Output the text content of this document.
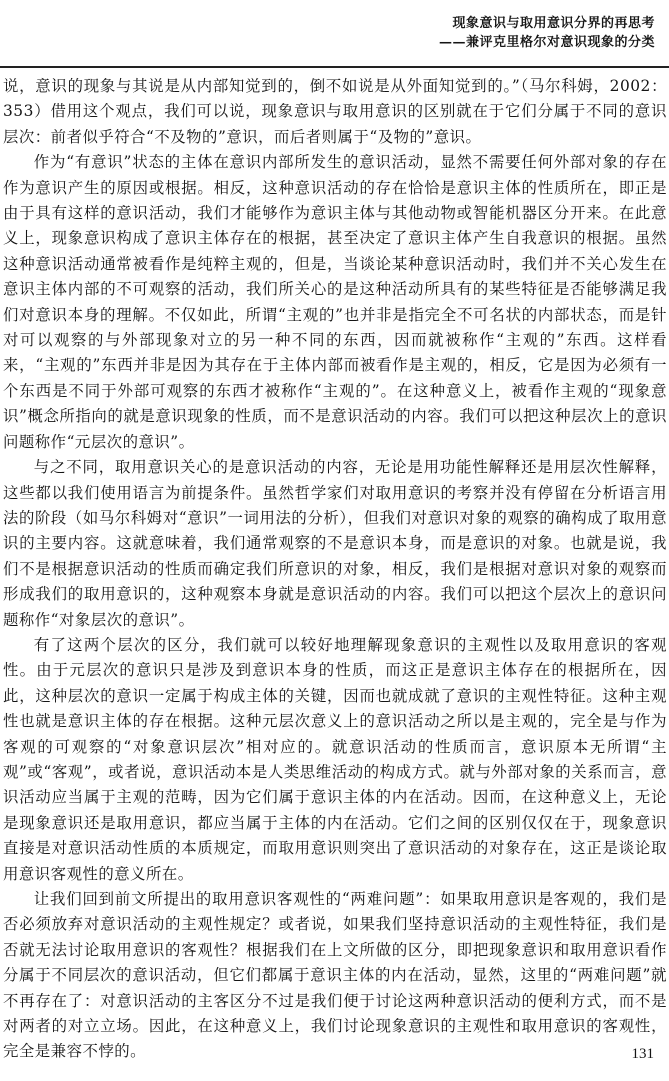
现象意识与取用意识分界的再思考
——兼评克里格尔对意识现象的分类

说，意识的现象与其说是从内部知觉到的，倒不如说是从外面知觉到的。”（马尔科姆，2002：353）借用这个观点，我们可以说，现象意识与取用意识的区别就在于它们分属于不同的意识层次：前者似乎符合“不及物的”意识，而后者则属于“及物的”意识。

作为“有意识”状态的主体在意识内部所发生的意识活动，显然不需要任何外部对象的存在作为意识产生的原因或根据。相反，这种意识活动的存在恰恰是意识主体的性质所在，即正是由于具有这样的意识活动，我们才能够作为意识主体与其他动物或智能机器区分开来。在此意义上，现象意识构成了意识主体存在的根据，甚至决定了意识主体产生自我意识的根据。虽然这种意识活动通常被看作是纯粹主观的，但是，当谈论某种意识活动时，我们并不关心发生在意识主体内部的不可观察的活动，我们所关心的是这种活动所具有的某些特征是否能够满足我们对意识本身的理解。不仅如此，所谓“主观的”也并非是指完全不可名状的内部状态，而是针对可以观察的与外部现象对立的另一种不同的东西，因而就被称作“主观的”东西。这样看来，“主观的”东西并非是因为其存在于主体内部而被看作是主观的，相反，它是因为必须有一个东西是不同于外部可观察的东西才被称作“主观的”。在这种意义上，被看作主观的“现象意识”概念所指向的就是意识现象的性质，而不是意识活动的内容。我们可以把这种层次上的意识问题称作“元层次的意识”。

与之不同，取用意识关心的是意识活动的内容，无论是用功能性解释还是用层次性解释，这些都以我们使用语言为前提条件。虽然哲学家们对取用意识的考察并没有停留在分析语言用法的阶段（如马尔科姆对“意识”一词用法的分析），但我们对意识对象的观察的确构成了取用意识的主要内容。这就意味着，我们通常观察的不是意识本身，而是意识的对象。也就是说，我们不是根据意识活动的性质而确定我们所意识的对象，相反，我们是根据对意识对象的观察而形成我们的取用意识的，这种观察本身就是意识活动的内容。我们可以把这个层次上的意识问题称作“对象层次的意识”。

有了这两个层次的区分，我们就可以较好地理解现象意识的主观性以及取用意识的客观性。由于元层次的意识只是涉及到意识本身的性质，而这正是意识主体存在的根据所在，因此，这种层次的意识一定属于构成主体的关键，因而也就成就了意识的主观性特征。这种主观性也就是意识主体的存在根据。这种元层次意义上的意识活动之所以是主观的，完全是与作为客观的可观察的“对象意识层次”相对应的。就意识活动的性质而言，意识原本无所谓“主观”或“客观”，或者说，意识活动本是人类思维活动的构成方式。就与外部对象的关系而言，意识活动应当属于主观的范畴，因为它们属于意识主体的内在活动。因而，在这种意义上，无论是现象意识还是取用意识，都应当属于主体的内在活动。它们之间的区别仅仅在于，现象意识直接是对意识活动性质的本质规定，而取用意识则突出了意识活动的对象存在，这正是谈论取用意识客观性的意义所在。

让我们回到前文所提出的取用意识客观性的“两难问题”：如果取用意识是客观的，我们是否必须放弃对意识活动的主观性规定？或者说，如果我们坚持意识活动的主观性特征，我们是否就无法讨论取用意识的客观性？根据我们在上文所做的区分，即把现象意识和取用意识看作分属于不同层次的意识活动，但它们都属于意识主体的内在活动，显然，这里的“两难问题”就不再存在了：对意识活动的主客区分不过是我们便于讨论这两种意识活动的便利方式，而不是对两者的对立立场。因此，在这种意义上，我们讨论现象意识的主观性和取用意识的客观性，完全是兼容不悖的。	131
